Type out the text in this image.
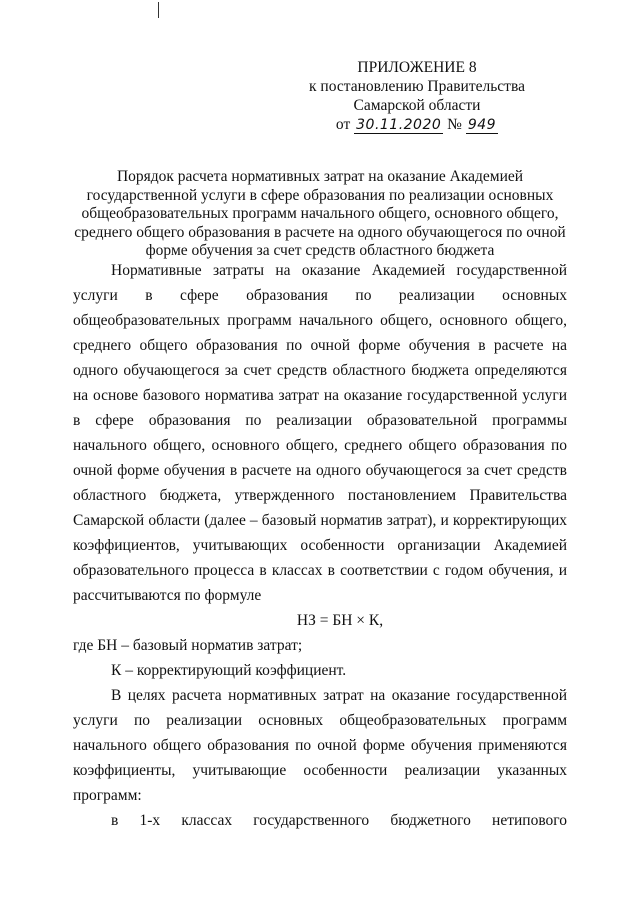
ПРИЛОЖЕНИЕ 8
к постановлению Правительства
Самарской области
от 30.11.2020 № 949
Порядок расчета нормативных затрат на оказание Академией
государственной услуги в сфере образования по реализации основных
общеобразовательных программ начального общего, основного общего,
среднего общего образования в расчете на одного обучающегося по очной
форме обучения за счет средств областного бюджета

Нормативные затраты на оказание Академией государственной услуги в сфере образования по реализации основных общеобразовательных программ начального общего, основного общего, среднего общего образования по очной форме обучения в расчете на одного обучающегося за счет средств областного бюджета определяются на основе базового норматива затрат на оказание государственной услуги в сфере образования по реализации образовательной программы начального общего, основного общего, среднего общего образования по очной форме обучения в расчете на одного обучающегося за счет средств областного бюджета, утвержденного постановлением Правительства Самарской области (далее – базовый норматив затрат), и корректирующих коэффициентов, учитывающих особенности организации Академией образовательного процесса в классах в соответствии с годом обучения, и рассчитываются по формуле

НЗ = БН × К,

где БН – базовый норматив затрат;

К – корректирующий коэффициент.

В целях расчета нормативных затрат на оказание государственной услуги по реализации основных общеобразовательных программ начального общего образования по очной форме обучения применяются коэффициенты, учитывающие особенности реализации указанных программ:

в 1-х классах государственного бюджетного нетипового
